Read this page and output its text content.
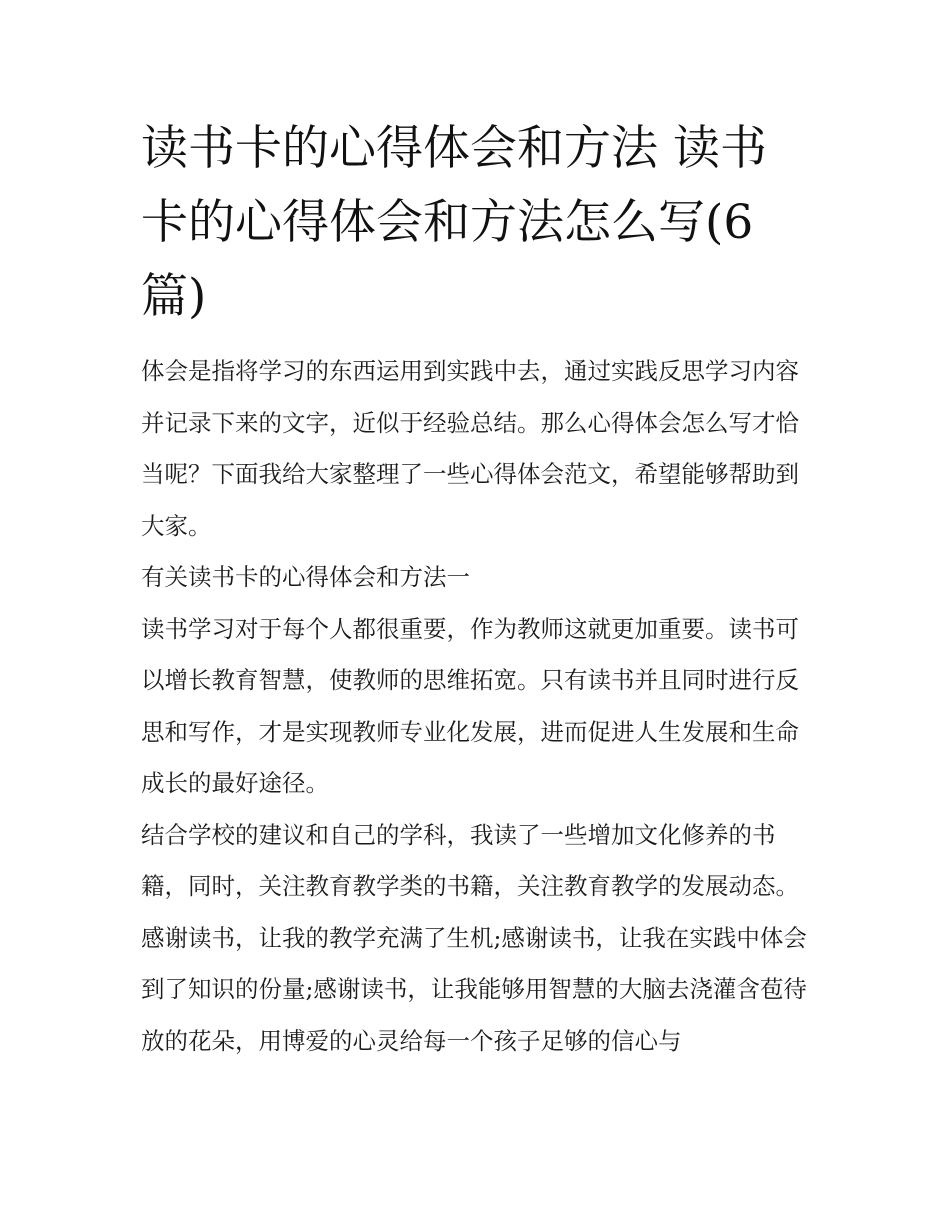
读书卡的心得体会和方法 读书卡的心得体会和方法怎么写(6篇)

体会是指将学习的东西运用到实践中去，通过实践反思学习内容并记录下来的文字，近似于经验总结。那么心得体会怎么写才恰当呢？下面我给大家整理了一些心得体会范文，希望能够帮助到大家。

有关读书卡的心得体会和方法一

读书学习对于每个人都很重要，作为教师这就更加重要。读书可以增长教育智慧，使教师的思维拓宽。只有读书并且同时进行反思和写作，才是实现教师专业化发展，进而促进人生发展和生命成长的最好途径。

结合学校的建议和自己的学科，我读了一些增加文化修养的书籍，同时，关注教育教学类的书籍，关注教育教学的发展动态。

感谢读书，让我的教学充满了生机;感谢读书，让我在实践中体会到了知识的份量;感谢读书，让我能够用智慧的大脑去浇灌含苞待放的花朵，用博爱的心灵给每一个孩子足够的信心与
